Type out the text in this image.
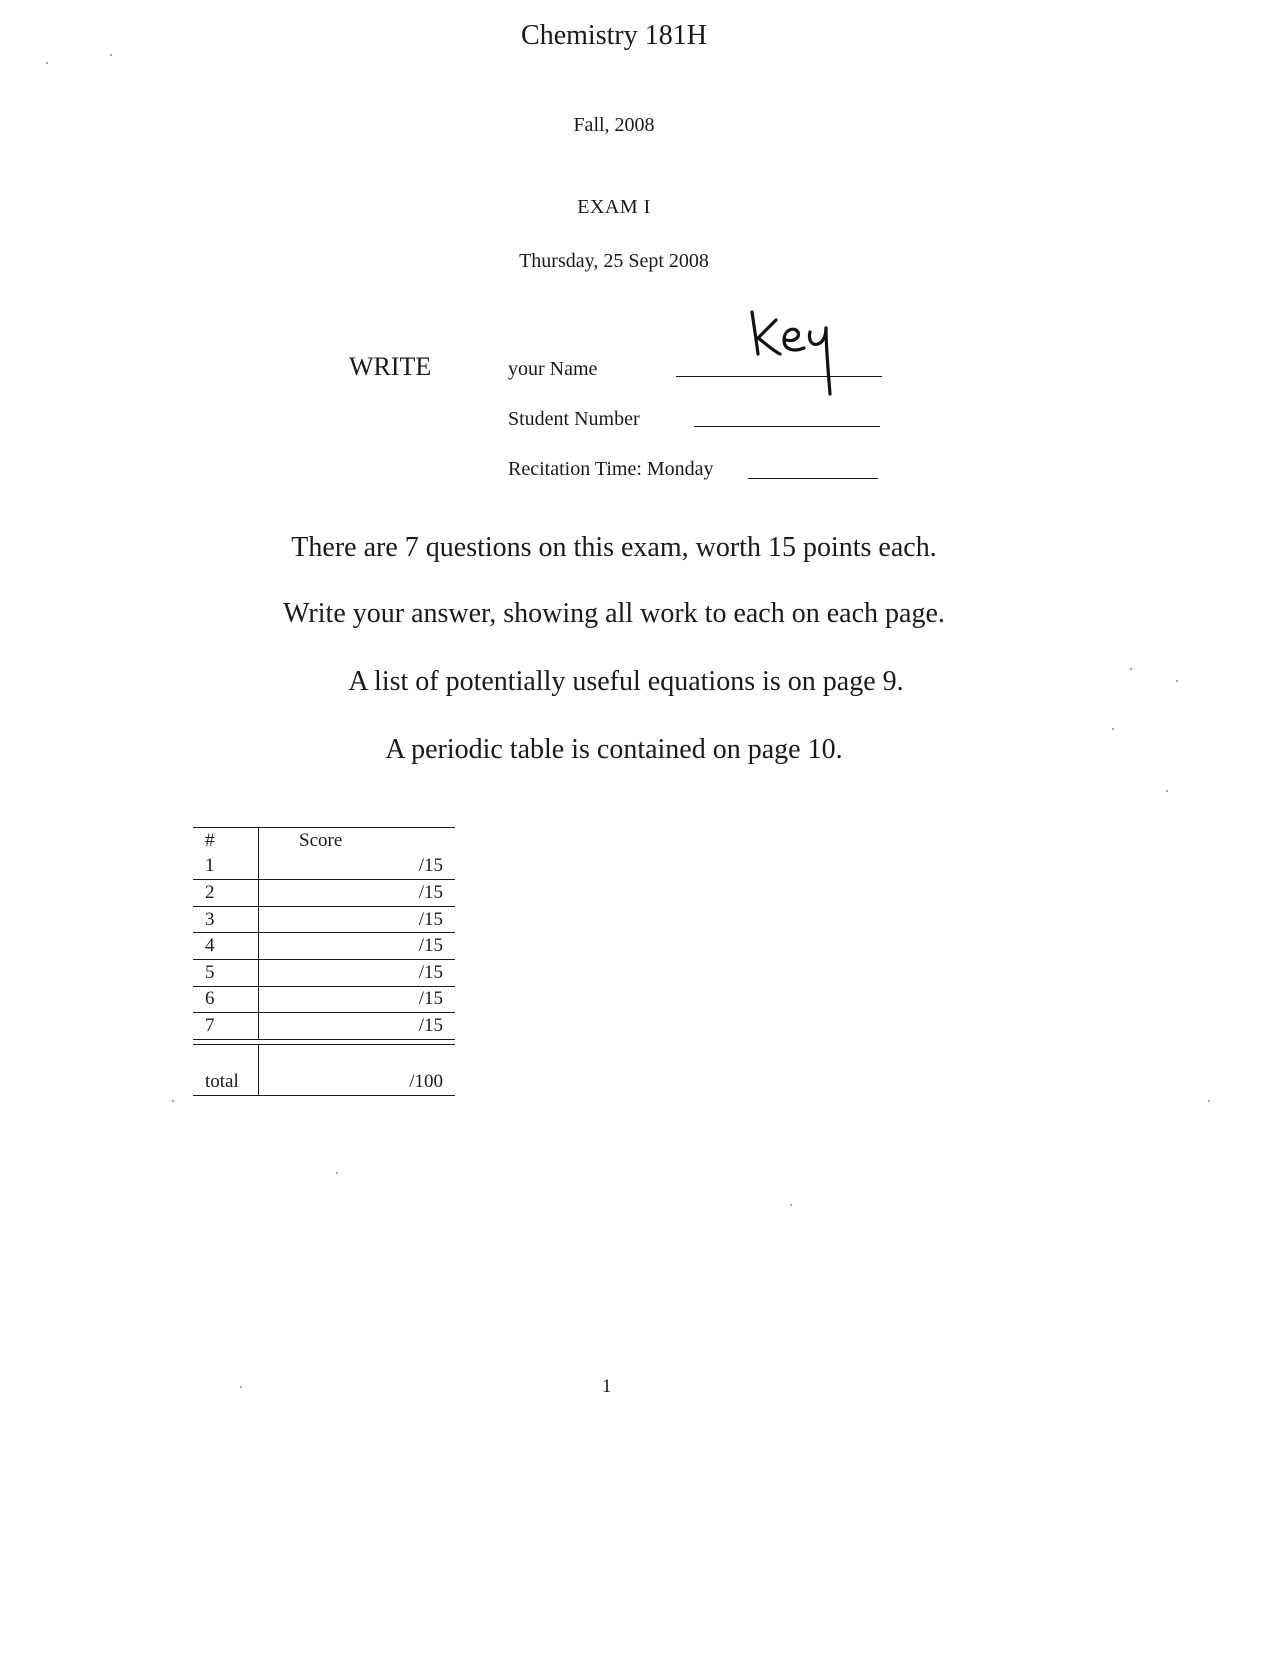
Chemistry 181H
Fall, 2008
EXAM I
Thursday, 25 Sept 2008
WRITE	your Name
Student Number
Recitation Time: Monday
There are 7 questions on this exam, worth 15 points each.
Write your answer, showing all work to each on each page.
A list of potentially useful equations is on page 9.
A periodic table is contained on page 10.
#	Score
1	/15
2	/15
3	/15
4	/15
5	/15
6	/15
7	/15
total	/100
1
